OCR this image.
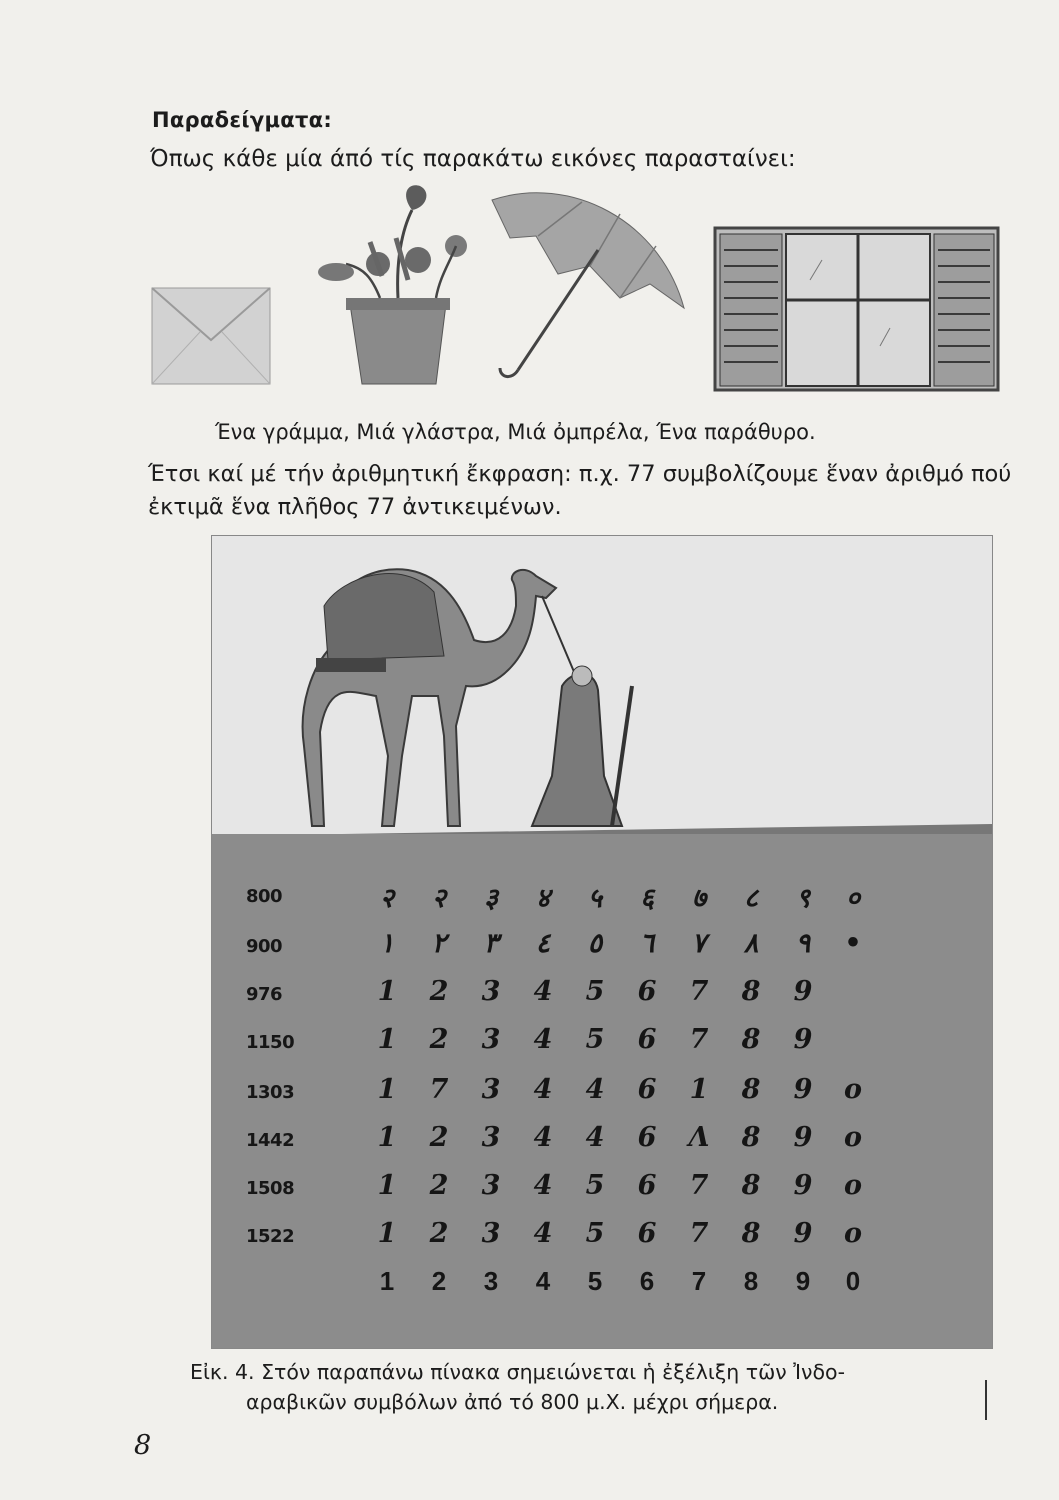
Παραδείγματα:
Όπως κάθε μία άπό τίς παρακάτω εικόνες παρασταίνει:
Ένα γράμμα, Μιά γλάστρα, Μιά ὀμπρέλα, Ένα παράθυρο.
Έτσι καί μέ τήν ἀριθμητική ἔκφραση: π.χ. 77 συμβολίζουμε ἕναν ἀριθμό πού ἐκτιμᾶ ἕνα πλῆθος 77 ἀντικειμένων.
800	२	२	३	४	५	६	७	८	९	०
900	١	٢	٣	٤	٥	٦	٧	٨	٩	•
976	1	2	3	4	5	6	7	8	9
1150	1	2	3	4	5	6	7	8	9
1303	1	7	3	4	4	6	1	8	9	o
1442	1	2	3	4	4	6	Λ	8	9	o
1508	1	2	3	4	5	6	7	8	9	o
1522	1	2	3	4	5	6	7	8	9	o
1	2	3	4	5	6	7	8	9	0
Εἰκ. 4. Στόν παραπάνω πίνακα σημειώνεται ἡ ἐξέλιξη τῶν Ἰνδο-
αραβικῶν συμβόλων ἀπό τό 800 μ.Χ. μέχρι σήμερα.
8
